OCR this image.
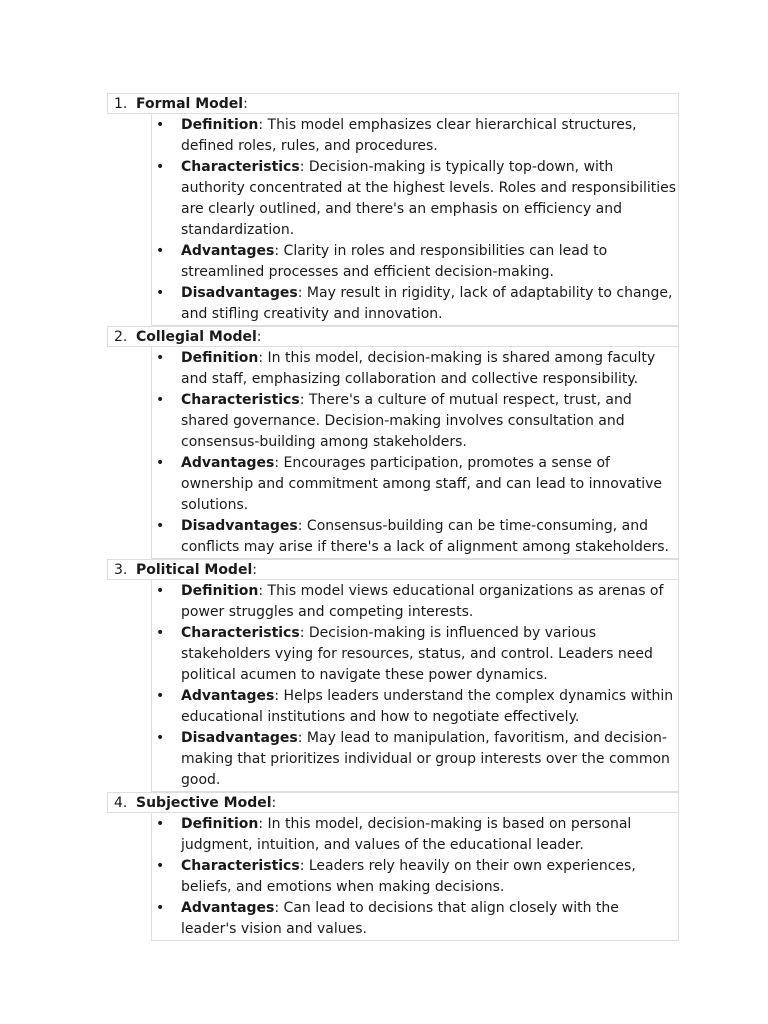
1. Formal Model:
• Definition: This model emphasizes clear hierarchical structures, defined roles, rules, and procedures.
• Characteristics: Decision-making is typically top-down, with authority concentrated at the highest levels. Roles and responsibilities are clearly outlined, and there's an emphasis on efficiency and standardization.
• Advantages: Clarity in roles and responsibilities can lead to streamlined processes and efficient decision-making.
• Disadvantages: May result in rigidity, lack of adaptability to change, and stifling creativity and innovation.
2. Collegial Model:
• Definition: In this model, decision-making is shared among faculty and staff, emphasizing collaboration and collective responsibility.
• Characteristics: There's a culture of mutual respect, trust, and shared governance. Decision-making involves consultation and consensus-building among stakeholders.
• Advantages: Encourages participation, promotes a sense of ownership and commitment among staff, and can lead to innovative solutions.
• Disadvantages: Consensus-building can be time-consuming, and conflicts may arise if there's a lack of alignment among stakeholders.
3. Political Model:
• Definition: This model views educational organizations as arenas of power struggles and competing interests.
• Characteristics: Decision-making is influenced by various stakeholders vying for resources, status, and control. Leaders need political acumen to navigate these power dynamics.
• Advantages: Helps leaders understand the complex dynamics within educational institutions and how to negotiate effectively.
• Disadvantages: May lead to manipulation, favoritism, and decision-making that prioritizes individual or group interests over the common good.
4. Subjective Model:
• Definition: In this model, decision-making is based on personal judgment, intuition, and values of the educational leader.
• Characteristics: Leaders rely heavily on their own experiences, beliefs, and emotions when making decisions.
• Advantages: Can lead to decisions that align closely with the leader's vision and values.
